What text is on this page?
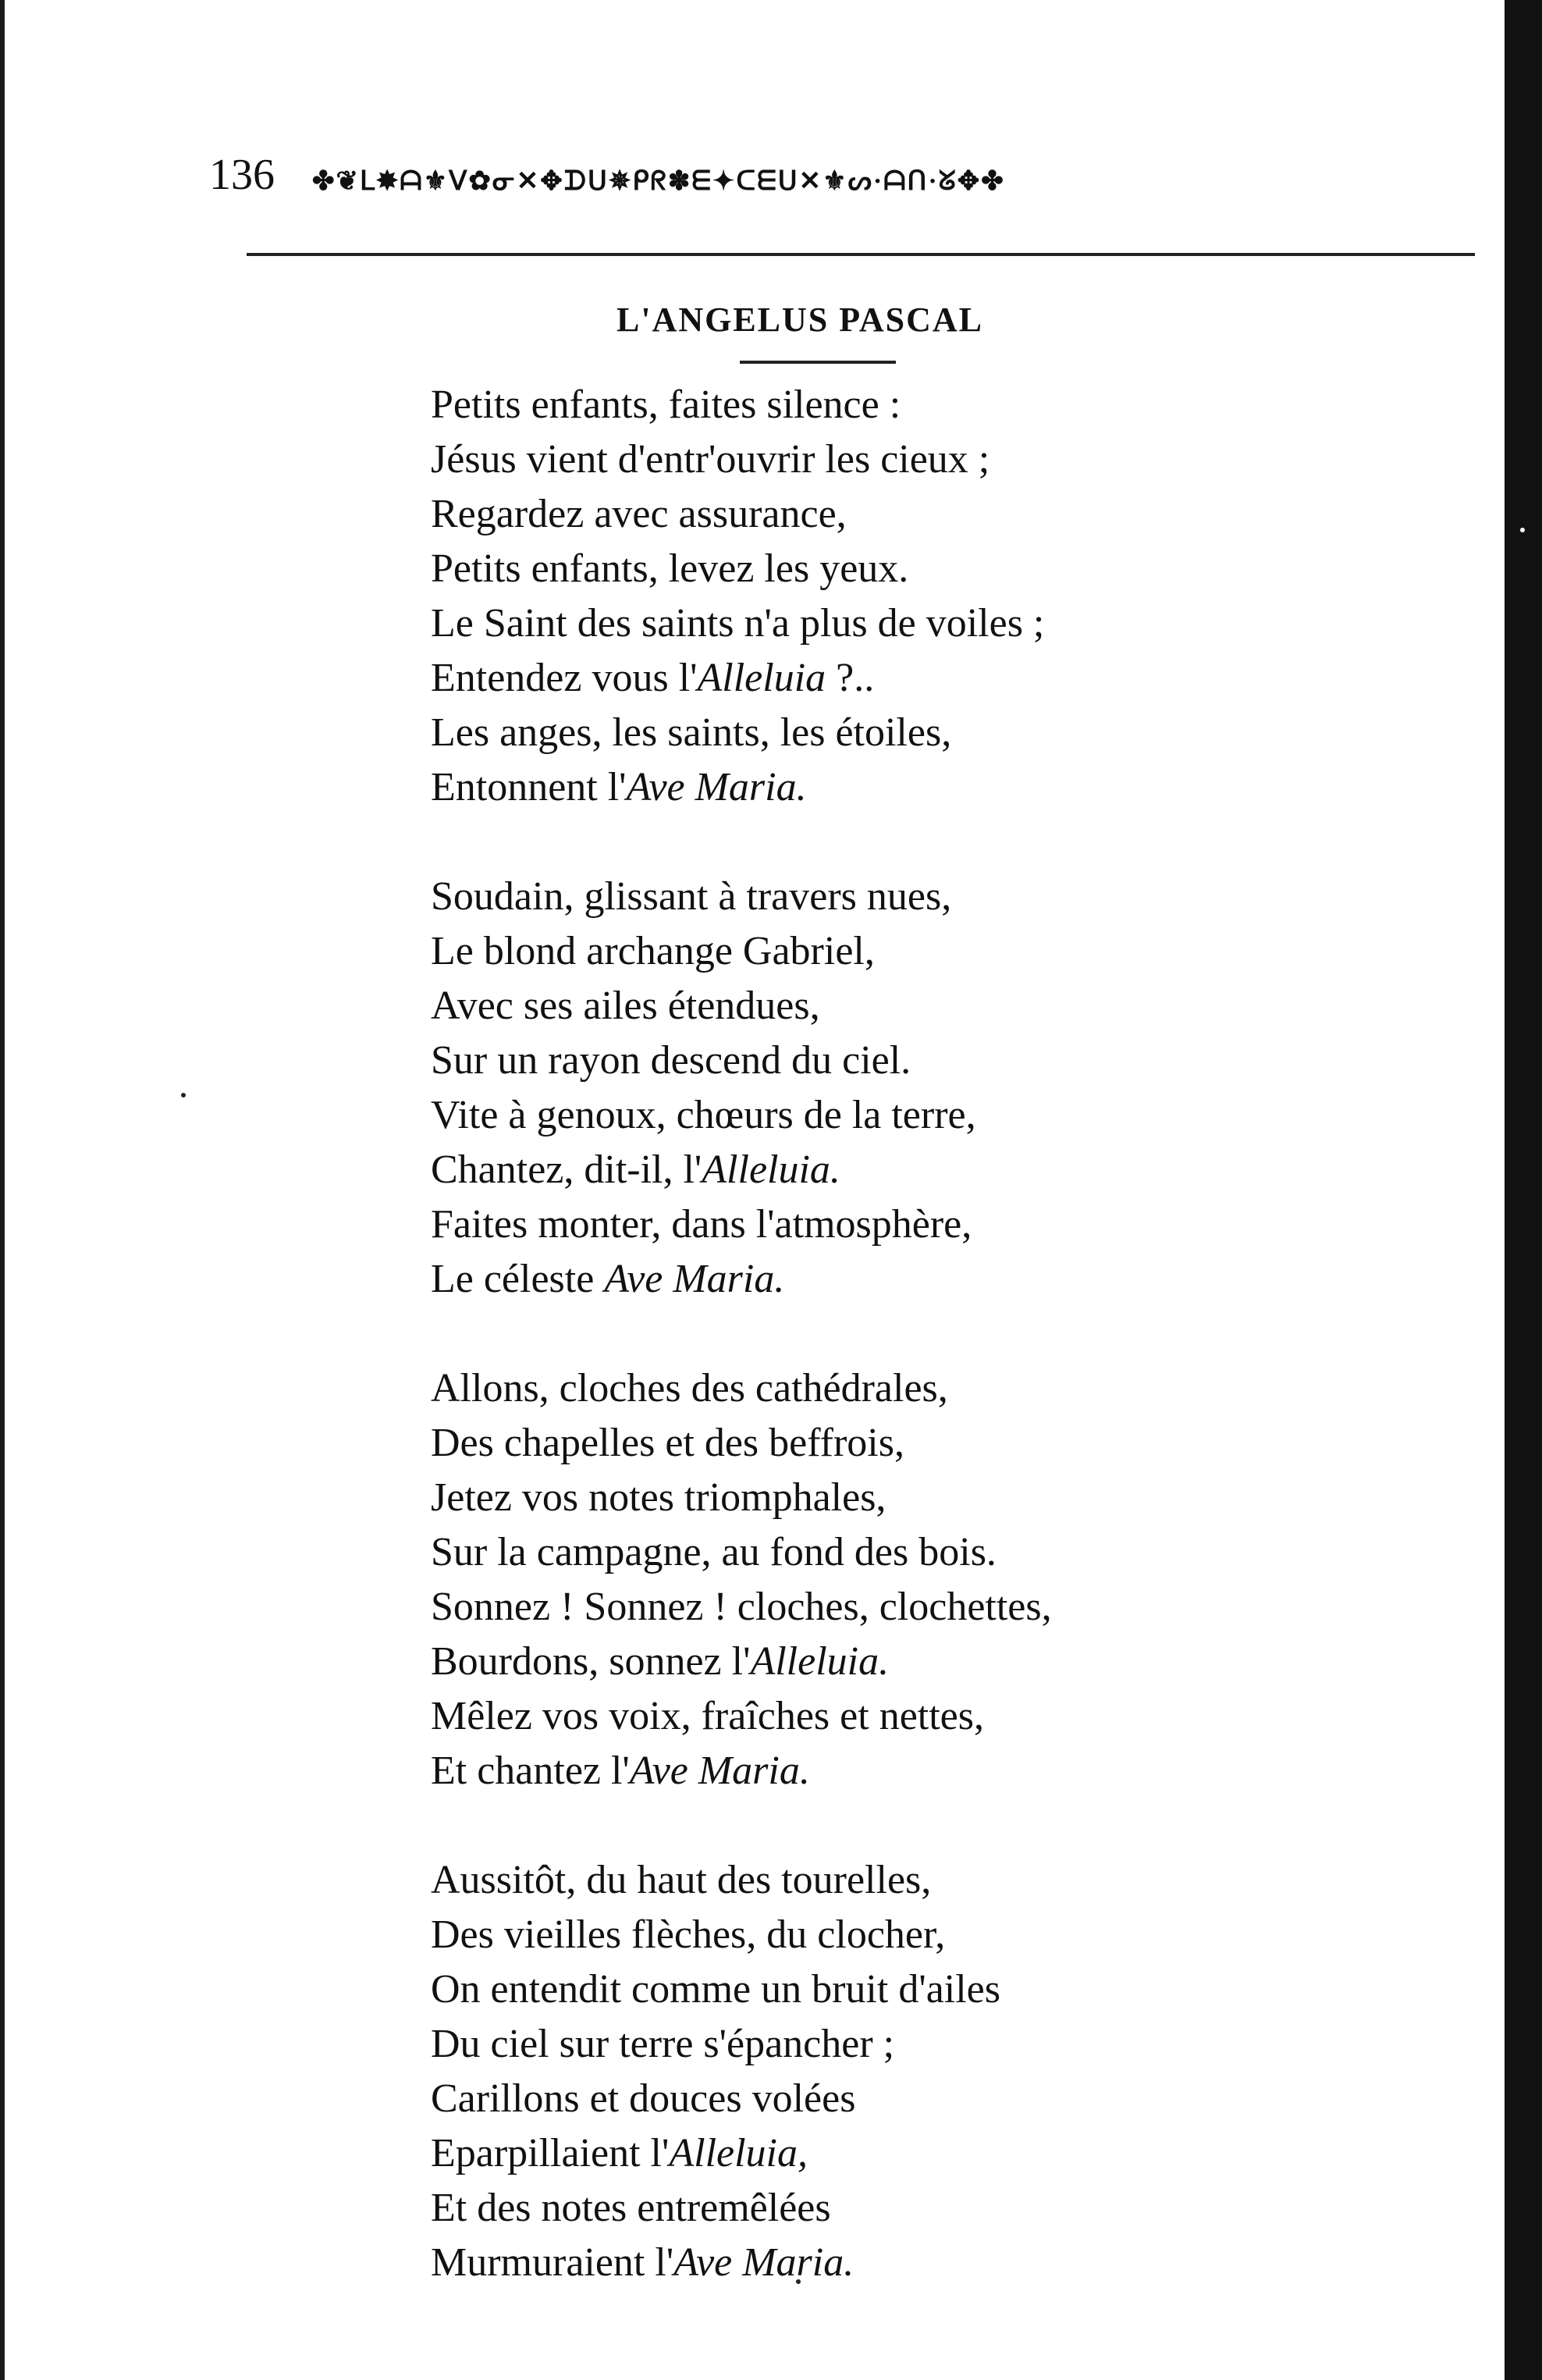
136 ✤❦ᒪ✸ᗩ⚜ᐯ✿ᓂ✕✥ᗪᑌ✵ᑭᖇ✽ᗴ✦ᑕᗴᑌ✕⚜ᔕ·ᗩᑎ·ᘜ✥✤
L'ANGELUS PASCAL
Petits enfants, faites silence :
Jésus vient d'entr'ouvrir les cieux ;
Regardez avec assurance,
Petits enfants, levez les yeux.
Le Saint des saints n'a plus de voiles ;
Entendez vous l'Alleluia ?..
Les anges, les saints, les étoiles,
Entonnent l'Ave Maria.
Soudain, glissant à travers nues,
Le blond archange Gabriel,
Avec ses ailes étendues,
Sur un rayon descend du ciel.
Vite à genoux, chœurs de la terre,
Chantez, dit-il, l'Alleluia.
Faites monter, dans l'atmosphère,
Le céleste Ave Maria.
Allons, cloches des cathédrales,
Des chapelles et des beffrois,
Jetez vos notes triomphales,
Sur la campagne, au fond des bois.
Sonnez ! Sonnez ! cloches, clochettes,
Bourdons, sonnez l'Alleluia.
Mêlez vos voix, fraîches et nettes,
Et chantez l'Ave Maria.
Aussitôt, du haut des tourelles,
Des vieilles flèches, du clocher,
On entendit comme un bruit d'ailes
Du ciel sur terre s'épancher ;
Carillons et douces volées
Eparpillaient l'Alleluia,
Et des notes entremêlées
Murmuraient l'Ave Maria.
